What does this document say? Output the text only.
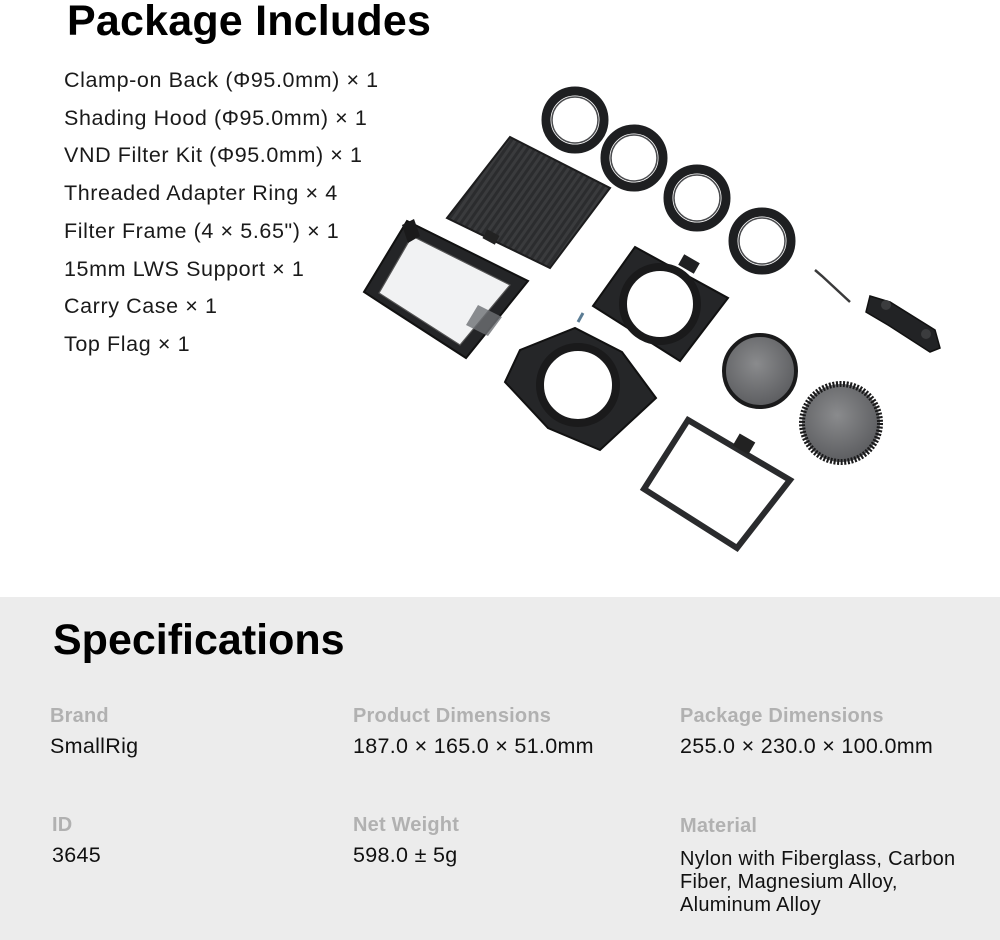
Package Includes
Clamp-on Back (Φ95.0mm) × 1
Shading Hood (Φ95.0mm) × 1
VND Filter Kit (Φ95.0mm) × 1
Threaded Adapter Ring × 4
Filter Frame (4 × 5.65") × 1
15mm LWS Support × 1
Carry Case × 1
Top Flag × 1
Specifications
Brand
SmallRig
Product Dimensions
187.0 × 165.0 × 51.0mm
Package Dimensions
255.0 × 230.0 × 100.0mm
ID
3645
Net Weight
598.0 ± 5g
Material
Nylon with Fiberglass, Carbon Fiber, Magnesium Alloy, Aluminum Alloy
